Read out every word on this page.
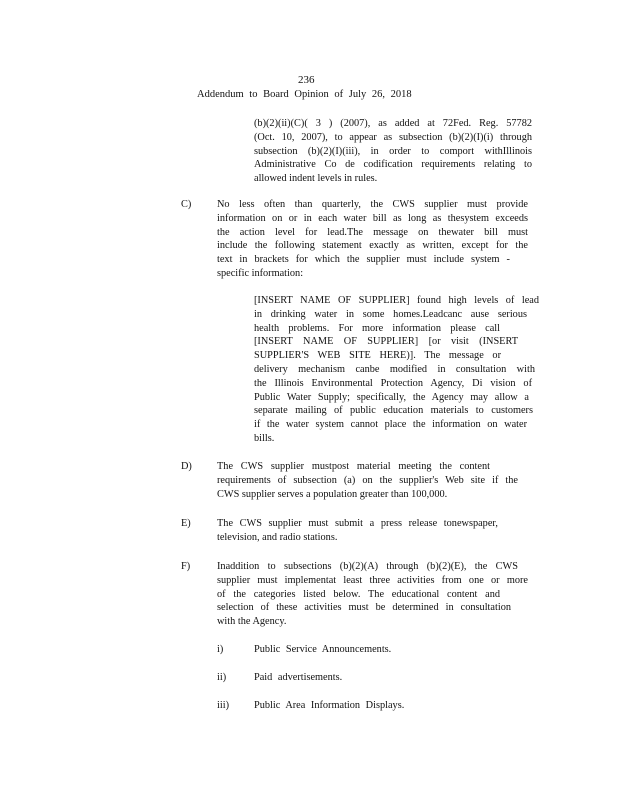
236
Addendum to Board Opinion of July 26, 2018

(b)(2)(ii)(C)( 3 ) (2007), as added at 72Fed. Reg. 57782

(Oct. 10, 2007), to appear as subsection (b)(2)(I)(i) through

subsection (b)(2)(I)(iii), in order to comport withIllinois

Administrative Co de codification requirements relating to

allowed indent levels in rules.

C) No less often than quarterly, the CWS supplier must provide

information on or in each water bill as long as thesystem exceeds

the action level for lead.The message on thewater bill must

include the following statement exactly as written, except for the

text in brackets for which the supplier must include system -

specific information:

[INSERT NAME OF SUPPLIER] found high levels of lead

in drinking water in some homes.Leadcanc ause serious

health problems. For more information please call

[INSERT NAME OF SUPPLIER] [or visit (INSERT

SUPPLIER'S WEB SITE HERE)]. The message or

delivery mechanism canbe modified in consultation with

the Illinois Environmental Protection Agency, Di vision of

Public Water Supply; specifically, the Agency may allow a

separate mailing of public education materials to customers

if the water system cannot place the information on water

bills.

D) The CWS supplier mustpost material meeting the content

requirements of subsection (a) on the supplier's Web site if the

CWS supplier serves a population greater than 100,000.

E)	The CWS supplier must submit a press release tonewspaper,

television, and radio stations.

F)	Inaddition to subsections (b)(2)(A) through (b)(2)(E), the CWS

supplier must implementat least three activities from one or more

of the categories listed below. The educational content and

selection of these activities must be determined in consultation

with the Agency.

i)	Public Service Announcements.
ii)	Paid advertisements.
iii) Public Area Information Displays.
